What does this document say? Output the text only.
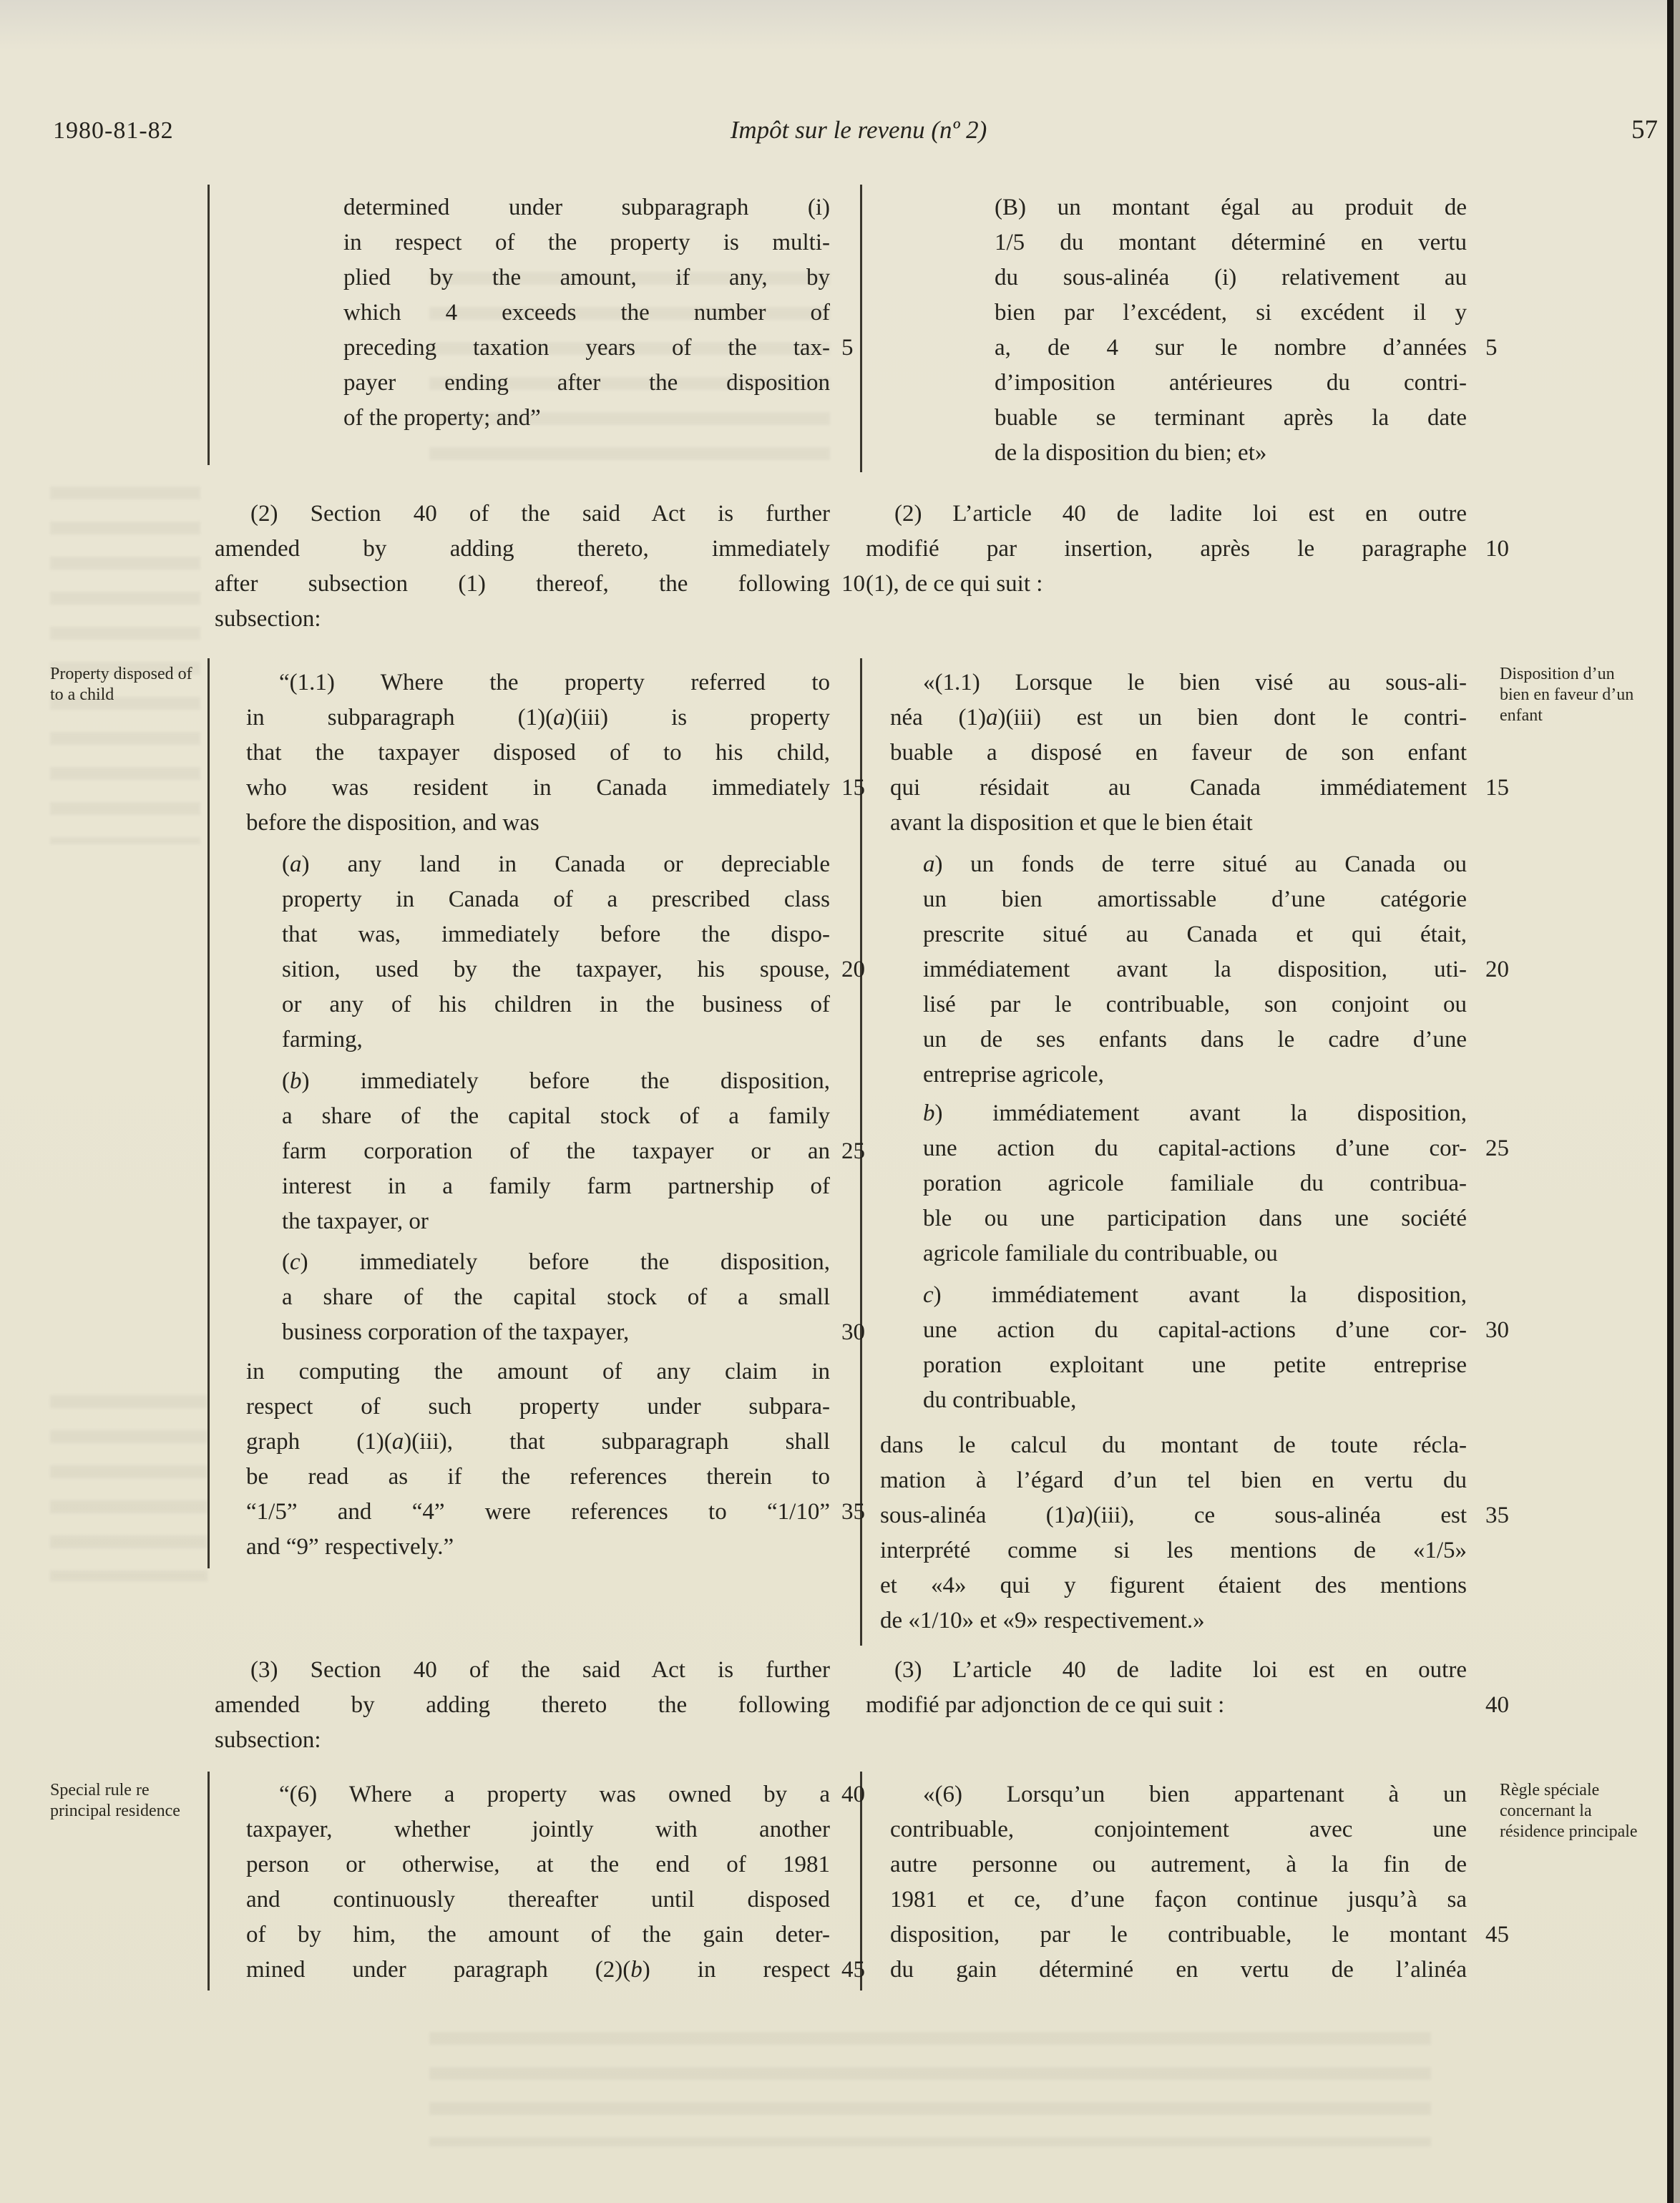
1980-81-82	Impôt sur le revenu (nº 2)	57
Property disposed of to a child
Special rule re principal residence
Disposition d’un bien en faveur d’un enfant
Règle spéciale concernant la résidence principale
determined under subparagraph (i)
in respect of the property is multi-
plied by the amount, if any, by
which 4 exceeds the number of
preceding taxation years of the tax- 5
payer ending after the disposition
of the property; and”
(2) Section 40 of the said Act is further
amended by adding thereto, immediately
after subsection (1) thereof, the following 10
subsection:
“(1.1) Where the property referred to
in subparagraph (1)(a)(iii) is property
that the taxpayer disposed of to his child,
who was resident in Canada immediately 15
before the disposition, and was
(a) any land in Canada or depreciable
property in Canada of a prescribed class
that was, immediately before the dispo-
sition, used by the taxpayer, his spouse, 20
or any of his children in the business of
farming,
(b) immediately before the disposition,
a share of the capital stock of a family
farm corporation of the taxpayer or an 25
interest in a family farm partnership of
the taxpayer, or
(c) immediately before the disposition,
a share of the capital stock of a small
business corporation of the taxpayer,	30
in computing the amount of any claim in
respect of such property under subpara-
graph (1)(a)(iii), that subparagraph shall
be read as if the references therein to
“1/5” and “4” were references to “1/10” 35
and “9” respectively.”
(3) Section 40 of the said Act is further
amended by adding thereto the following
subsection:
“(6) Where a property was owned by a 40
taxpayer, whether jointly with another
person or otherwise, at the end of 1981
and continuously thereafter until disposed
of by him, the amount of the gain deter-
mined under paragraph (2)(b) in respect 45
(B) un montant égal au produit de
1/5 du montant déterminé en vertu
du sous-alinéa (i) relativement au
bien par l’excédent, si excédent il y
a, de 4 sur le nombre d’années 5
d’imposition antérieures du contri-
buable se terminant après la date
de la disposition du bien; et»
(2) L’article 40 de ladite loi est en outre
modifié par insertion, après le paragraphe 10
(1), de ce qui suit :
«(1.1) Lorsque le bien visé au sous-ali-
néa (1)a)(iii) est un bien dont le contri-
buable a disposé en faveur de son enfant
qui résidait au Canada immédiatement 15
avant la disposition et que le bien était
a) un fonds de terre situé au Canada ou
un bien amortissable d’une catégorie
prescrite situé au Canada et qui était,
immédiatement avant la disposition, uti- 20
lisé par le contribuable, son conjoint ou
un de ses enfants dans le cadre d’une
entreprise agricole,
b) immédiatement avant la disposition,
une action du capital-actions d’une cor- 25
poration agricole familiale du contribua-
ble ou une participation dans une société
agricole familiale du contribuable, ou
c) immédiatement avant la disposition,
une action du capital-actions d’une cor- 30
poration exploitant une petite entreprise
du contribuable,
dans le calcul du montant de toute récla-
mation à l’égard d’un tel bien en vertu du
sous-alinéa (1)a)(iii), ce sous-alinéa est 35
interprété comme si les mentions de «1/5»
et «4» qui y figurent étaient des mentions
de «1/10» et «9» respectivement.»
(3) L’article 40 de ladite loi est en outre
modifié par adjonction de ce qui suit :	40
«(6) Lorsqu’un bien appartenant à un
contribuable, conjointement avec une
autre personne ou autrement, à la fin de
1981 et ce, d’une façon continue jusqu’à sa
disposition, par le contribuable, le montant 45
du gain déterminé en vertu de l’alinéa
